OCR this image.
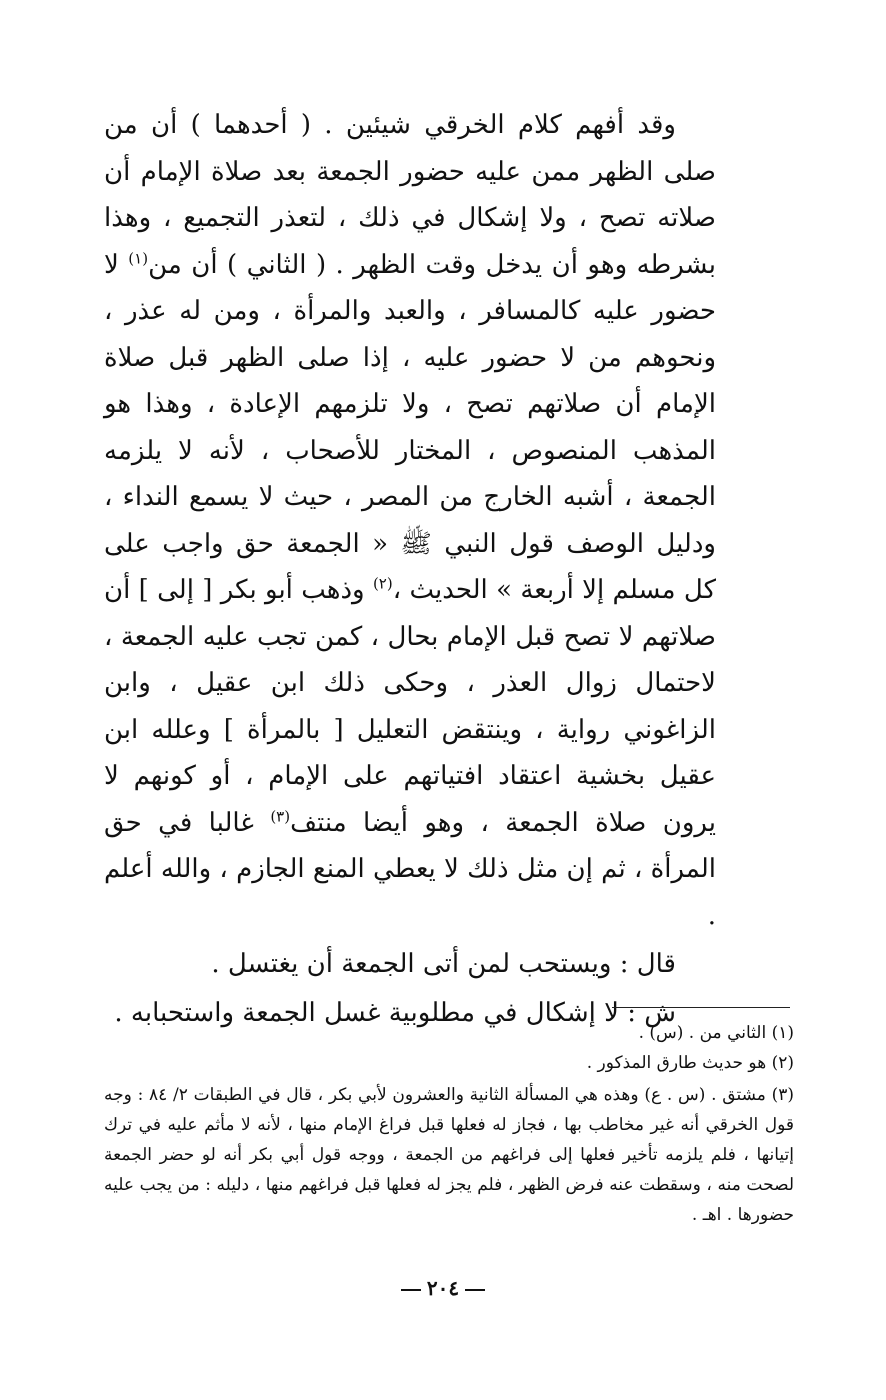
وقد أفهم كلام الخرقي شيئين . ( أحدهما ) أن من صلى الظهر ممن عليه حضور الجمعة بعد صلاة الإمام أن صلاته تصح ، ولا إشكال في ذلك ، لتعذر التجميع ، وهذا بشرطه وهو أن يدخل وقت الظهر . ( الثاني ) أن من$^{(١)}$ لا حضور عليه كالمسافر ، والعبد والمرأة ، ومن له عذر ، ونحوهم من لا حضور عليه ، إذا صلى الظهر قبل صلاة الإمام أن صلاتهم تصح ، ولا تلزمهم الإعادة ، وهذا هو المذهب المنصوص ، المختار للأصحاب ، لأنه لا يلزمه الجمعة ، أشبه الخارج من المصر ، حيث لا يسمع النداء ، ودليل الوصف قول النبي ﷺ « الجمعة حق واجب على كل مسلم إلا أربعة » الحديث ،$^{(٢)}$ وذهب أبو بكر [ إلى ] أن صلاتهم لا تصح قبل الإمام بحال ، كمن تجب عليه الجمعة ، لاحتمال زوال العذر ، وحكى ذلك ابن عقيل ، وابن الزاغوني رواية ، وينتقض التعليل [ بالمرأة ] وعلله ابن عقيل بخشية اعتقاد افتياتهم على الإمام ، أو كونهم لا يرون صلاة الجمعة ، وهو أيضا منتف$^{(٣)}$ غالبا في حق المرأة ، ثم إن مثل ذلك لا يعطي المنع الجازم ، والله أعلم .

قال : ويستحب لمن أتى الجمعة أن يغتسل .

ش : لا إشكال في مطلوبية غسل الجمعة واستحبابه .

(١) الثاني من . (س) .

(٢) هو حديث طارق المذكور .

(٣) مشتق . (س . ع) وهذه هي المسألة الثانية والعشرون لأبي بكر ، قال في الطبقات ٢/ ٨٤ : وجه قول الخرقي أنه غير مخاطب بها ، فجاز له فعلها قبل فراغ الإمام منها ، لأنه لا مأثم عليه في ترك إتيانها ، فلم يلزمه تأخير فعلها إلى فراغهم من الجمعة ، ووجه قول أبي بكر أنه لو حضر الجمعة لصحت منه ، وسقطت عنه فرض الظهر ، فلم يجز له فعلها قبل فراغهم منها ، دليله : من يجب عليه حضورها . اهـ .

٢٠٤
